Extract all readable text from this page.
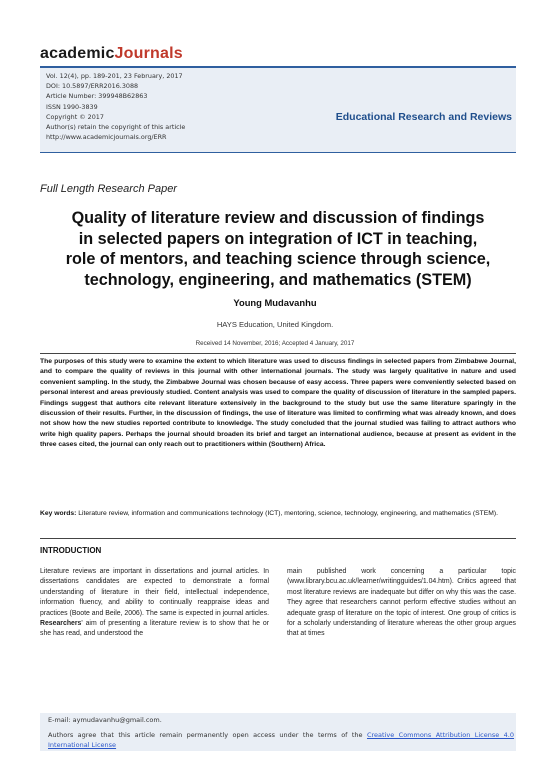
academicJournals
Vol. 12(4), pp. 189-201, 23 February, 2017
DOI: 10.5897/ERR2016.3088
Article Number: 399948B62863
ISSN 1990-3839
Copyright © 2017
Author(s) retain the copyright of this article
http://www.academicjournals.org/ERR
Educational Research and Reviews
Full Length Research Paper
Quality of literature review and discussion of findings
in selected papers on integration of ICT in teaching,
role of mentors, and teaching science through science,
technology, engineering, and mathematics (STEM)
Young Mudavanhu
HAYS Education, United Kingdom.
Received 14 November, 2016; Accepted 4 January, 2017
The purposes of this study were to examine the extent to which literature was used to discuss findings in selected papers from Zimbabwe Journal, and to compare the quality of reviews in this journal with other international journals. The study was largely qualitative in nature and used convenient sampling. In the study, the Zimbabwe Journal was chosen because of easy access. Three papers were conveniently selected based on personal interest and areas previously studied. Content analysis was used to compare the quality of discussion of literature in the sampled papers. Findings suggest that authors cite relevant literature extensively in the background to the study but use the same literature sparingly in the discussion of their results. Further, in the discussion of findings, the use of literature was limited to confirming what was already known, and does not show how the new studies reported contribute to knowledge. The study concluded that the journal studied was failing to attract authors who write high quality papers. Perhaps the journal should broaden its brief and target an international audience, because at present as evident in the three cases cited, the journal can only reach out to practitioners within (Southern) Africa.
Key words: Literature review, information and communications technology (ICT), mentoring, science, technology, engineering, and mathematics (STEM).
INTRODUCTION
Literature reviews are important in dissertations and journal articles. In dissertations candidates are expected to demonstrate a formal understanding of literature in their field, intellectual independence, information fluency, and ability to continually reappraise ideas and practices (Boote and Beile, 2006). The same is expected in journal articles. Researchers' aim of presenting a literature review is to show that he or she has read, and understood the
main published work concerning a particular topic (www.library.bcu.ac.uk/learner/writingguides/1.04.htm). Critics agreed that most literature reviews are inadequate but differ on why this was the case. They agree that researchers cannot perform effective studies without an adequate grasp of literature on the topic of interest. One group of critics is for a scholarly understanding of literature whereas the other group argues that at times
E-mail: aymudavanhu@gmail.com.
Authors agree that this article remain permanently open access under the terms of the Creative Commons Attribution License 4.0 International License
